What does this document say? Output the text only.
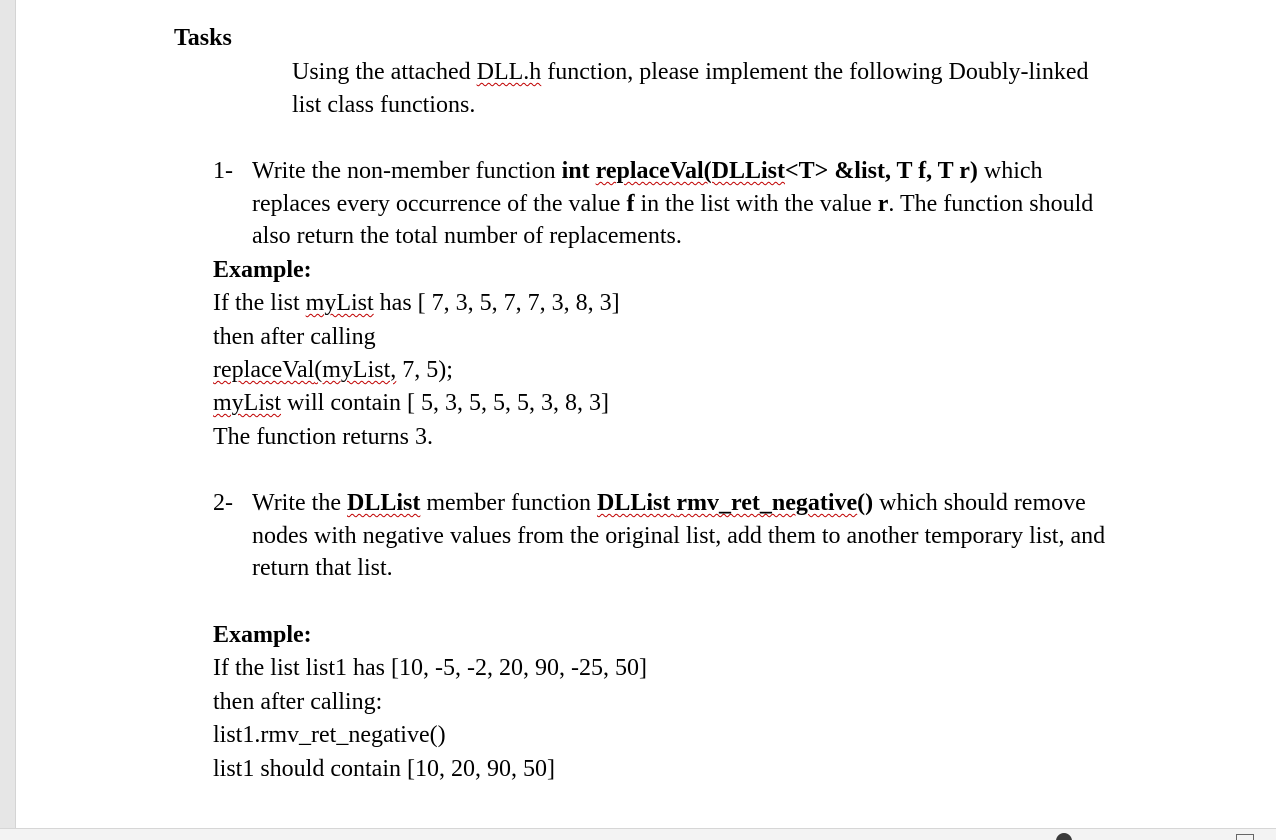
Tasks
Using the attached DLL.h function, please implement the following Doubly-linked
list class functions.
1- Write the non-member function int replaceVal(DLList<T> &list, T f, T r) which
replaces every occurrence of the value f in the list with the value r. The function should
also return the total number of replacements.
Example:
If the list myList has [ 7, 3, 5, 7, 7, 3, 8, 3]
then after calling
replaceVal(myList, 7, 5);
myList will contain [ 5, 3, 5, 5, 5, 3, 8, 3]
The function returns 3.
2- Write the DLList member function DLList rmv_ret_negative() which should remove
nodes with negative values from the original list, add them to another temporary list, and
return that list.
Example:
If the list list1 has [10, -5, -2, 20, 90, -25, 50]
then after calling:
list1.rmv_ret_negative()
list1 should contain [10, 20, 90, 50]
